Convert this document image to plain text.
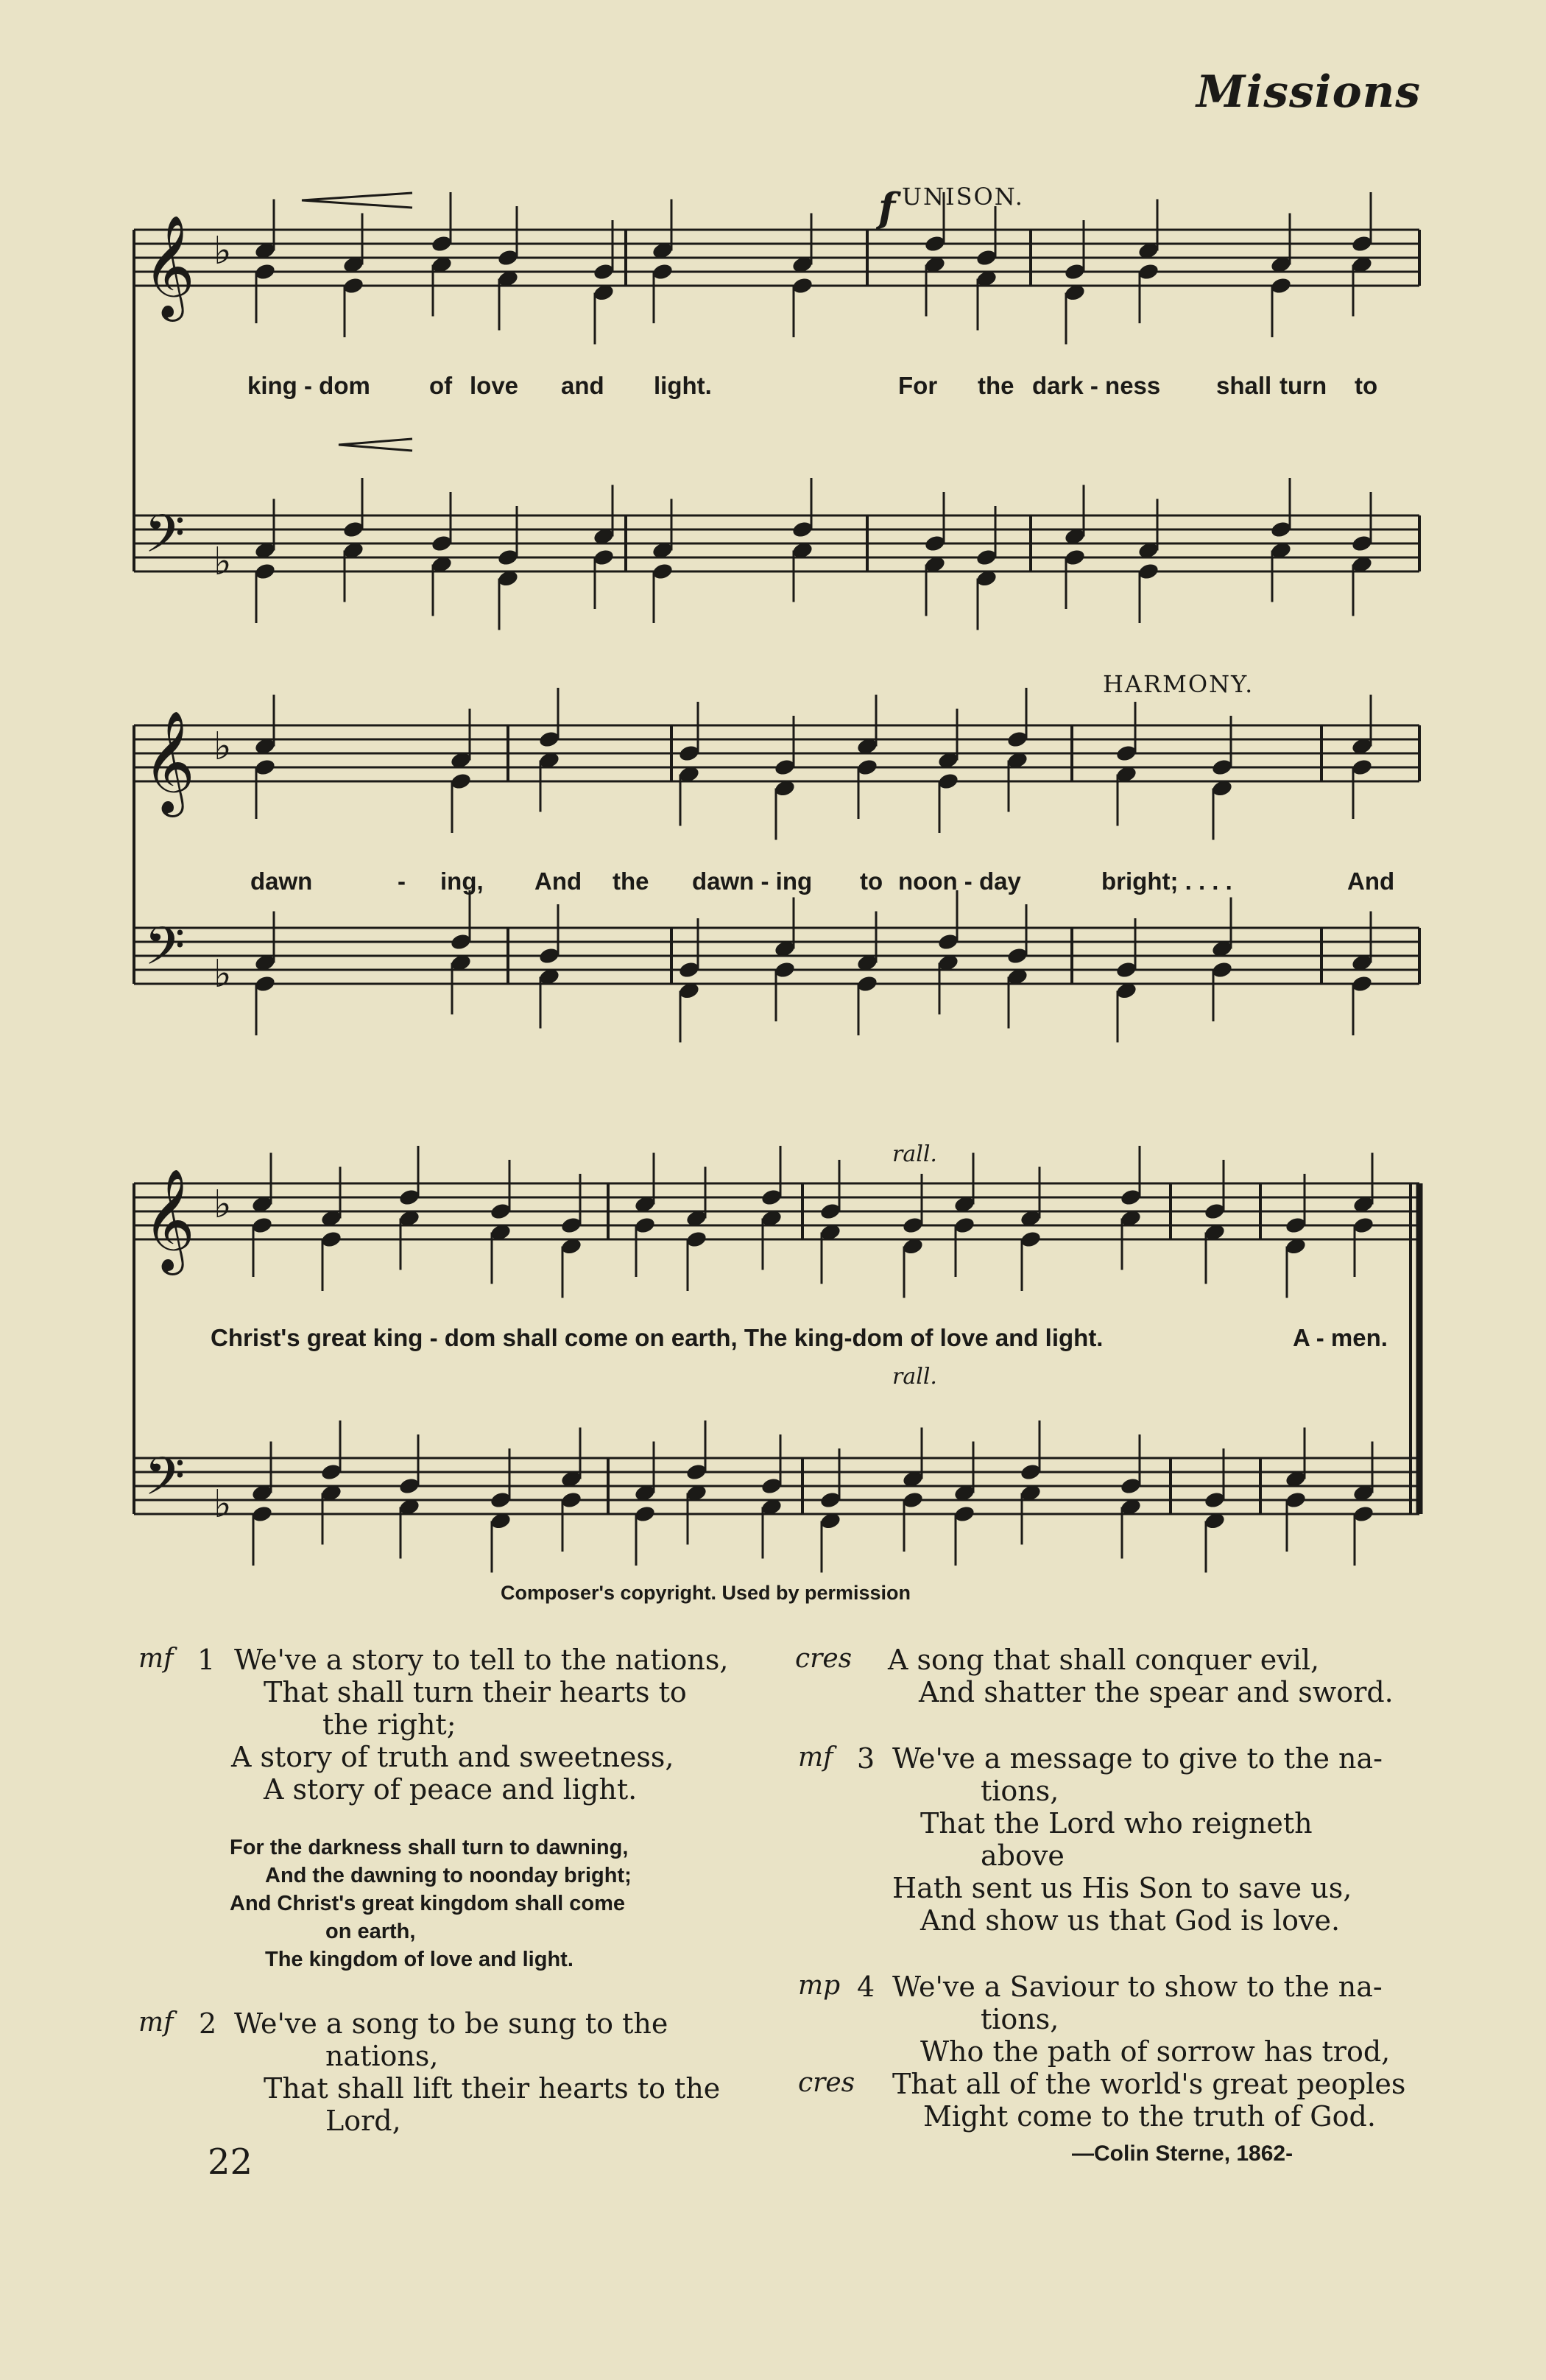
Missions
𝄞
𝄢
♭
♭
𝄞
𝄢
♭
♭
𝄞
𝄢
♭
♭
UNISON.
f
HARMONY.
rall.
rall.
king - dom of love and light.	For the dark - ness shall turn to
dawn	- ing, And the dawn - ing to noon - day	bright; . . . .	And
Christ's great king - dom shall come on earth, The king-dom of love and light.	A - men.
Composer's copyright. Used by permission
mf 1 We've a story to tell to the nations,
That shall turn their hearts to
the right;
A story of truth and sweetness,
A story of peace and light.
For the darkness shall turn to dawning,
And the dawning to noonday bright;
And Christ's great kingdom shall come
on earth,
The kingdom of love and light.
mf 2 We've a song to be sung to the
nations,
That shall lift their hearts to the
Lord,
22
cres A song that shall conquer evil,
And shatter the spear and sword.
mf 3 We've a message to give to the na-
tions,
That the Lord who reigneth
above
Hath sent us His Son to save us,
And show us that God is love.
mp 4 We've a Saviour to show to the na-
tions,
Who the path of sorrow has trod,
cres That all of the world's great peoples
Might come to the truth of God.
—Colin Sterne, 1862-
